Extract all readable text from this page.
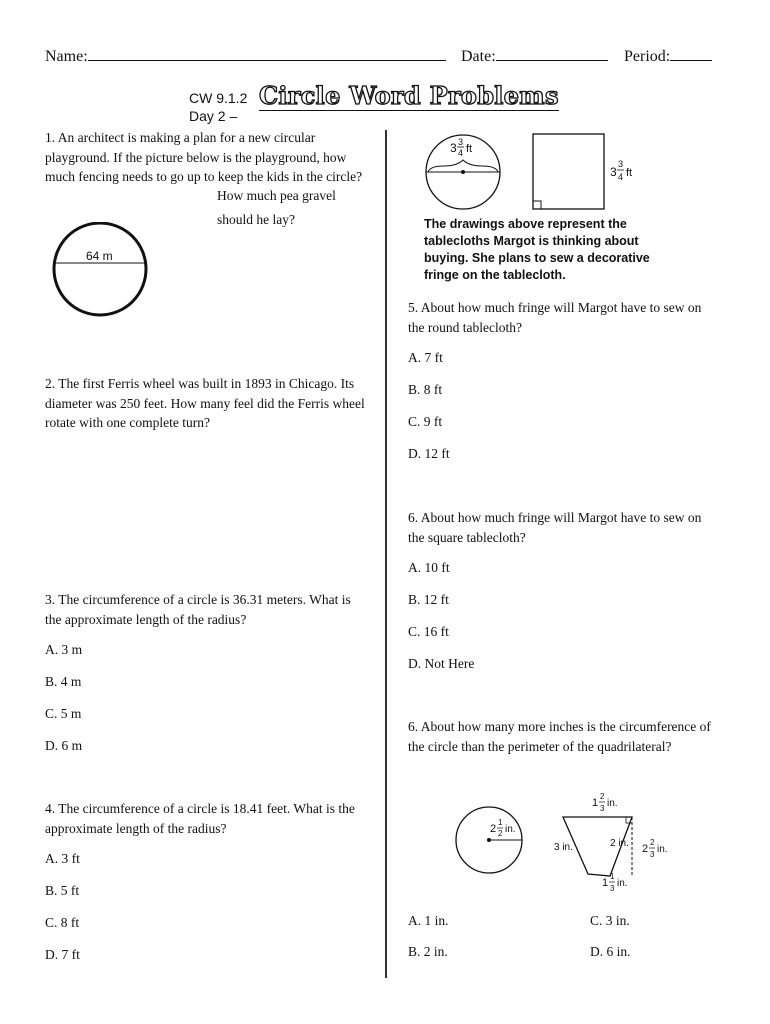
Name:	Date:	Period:
CW 9.1.2
Day 2 –
Circle Word Problems
1. An architect is making a plan for a new circular playground. If the picture below is the playground, how much fencing needs to go up to keep the kids in the circle?
How much pea gravel
should he lay?
64 m
2. The first Ferris wheel was built in 1893 in Chicago. Its diameter was 250 feet. How many feel did the Ferris wheel rotate with one complete turn?
3. The circumference of a circle is 36.31 meters. What is the approximate length of the radius?
A. 3 m
B. 4 m
C. 5 m
D. 6 m
4. The circumference of a circle is 18.41 feet. What is the approximate length of the radius?
A. 3 ft
B. 5 ft
C. 8 ft
D. 7 ft
3 3
4 ft
3
3
4 ft
The drawings above represent the tablecloths Margot is thinking about buying. She plans to sew a decorative fringe on the tablecloth.
5. About how much fringe will Margot have to sew on the round tablecloth?
A. 7 ft
B. 8 ft
C. 9 ft
D. 12 ft
6. About how much fringe will Margot have to sew on the square tablecloth?
A. 10 ft
B. 12 ft
C. 16 ft
D. Not Here
6. About how many more inches is the circumference of the circle than the perimeter of the quadrilateral?
2
1
2 in.
1
2
3 in.
3 in.	2 in. 2
2
3 in.
1
1
3 in.
A. 1 in.	C. 3 in.
B. 2 in.	D. 6 in.
